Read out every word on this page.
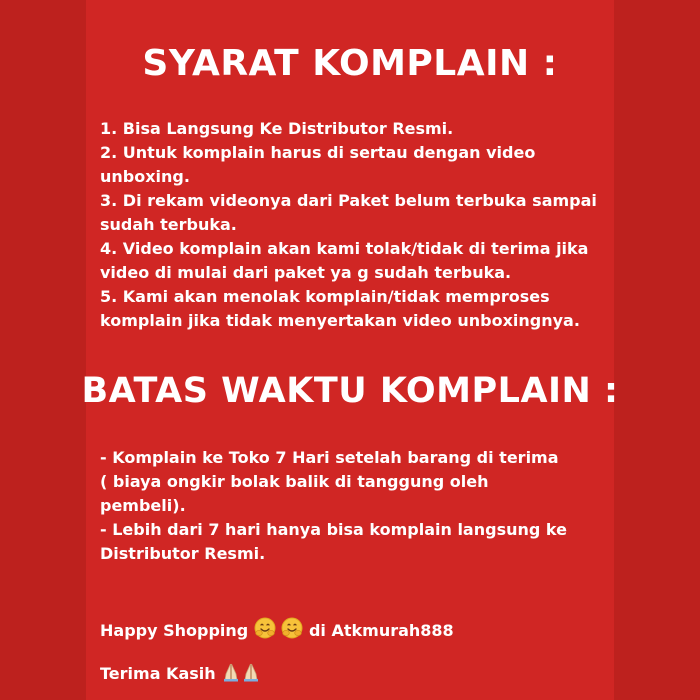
SYARAT KOMPLAIN :

1. Bisa Langsung Ke Distributor Resmi.
2. Untuk komplain harus di sertau dengan video
unboxing.
3. Di rekam videonya dari Paket belum terbuka sampai
sudah terbuka.
4. Video komplain akan kami tolak/tidak di terima jika
video di mulai dari paket ya g sudah terbuka.
5. Kami akan menolak komplain/tidak memproses
komplain jika tidak menyertakan video unboxingnya.

BATAS WAKTU KOMPLAIN :

- Komplain ke Toko 7 Hari setelah barang di terima
( biaya ongkir bolak balik di tanggung oleh
pembeli).
- Lebih dari 7 hari hanya bisa komplain langsung ke
Distributor Resmi.

Happy Shopping	di Atkmurah888
Terima Kasih
